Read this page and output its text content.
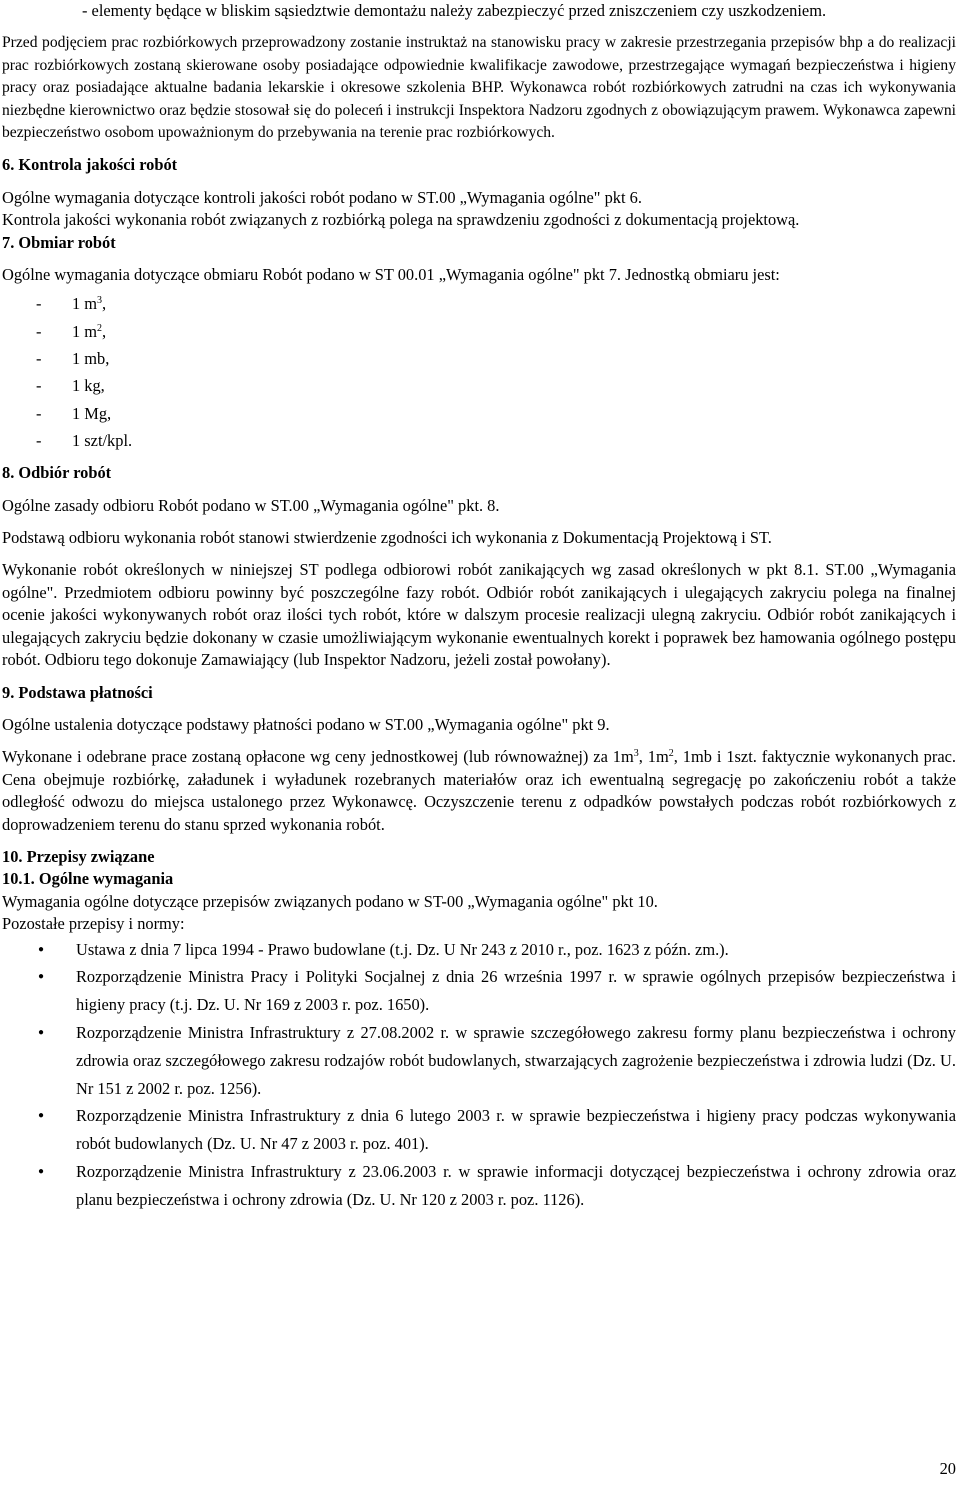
- elementy będące w bliskim sąsiedztwie demontażu należy zabezpieczyć przed zniszczeniem czy uszkodzeniem.

Przed podjęciem prac rozbiórkowych przeprowadzony zostanie instruktaż na stanowisku pracy w zakresie przestrzegania przepisów bhp a do realizacji prac rozbiórkowych zostaną skierowane osoby posiadające odpowiednie kwalifikacje zawodowe, przestrzegające wymagań bezpieczeństwa i higieny pracy oraz posiadające aktualne badania lekarskie i okresowe szkolenia BHP. Wykonawca robót rozbiórkowych zatrudni na czas ich wykonywania niezbędne kierownictwo oraz będzie stosował się do poleceń i instrukcji Inspektora Nadzoru zgodnych z obowiązującym prawem. Wykonawca zapewni bezpieczeństwo osobom upoważnionym do przebywania na terenie prac rozbiórkowych.

6. Kontrola jakości robót

Ogólne wymagania dotyczące kontroli jakości robót podano w ST.00 „Wymagania ogólne" pkt 6.

Kontrola jakości wykonania robót związanych z rozbiórką polega na sprawdzeniu zgodności z dokumentacją projektową.

7. Obmiar robót

Ogólne wymagania dotyczące obmiaru Robót podano w ST 00.01 „Wymagania ogólne" pkt 7. Jednostką obmiaru jest:

- 1 $m^3$,
- 1 $m^2$,
- 1 mb,
- 1 kg,
- 1 Mg,
- 1 szt/kpl.
8. Odbiór robót

Ogólne zasady odbioru Robót podano w ST.00 „Wymagania ogólne" pkt. 8.

Podstawą odbioru wykonania robót stanowi stwierdzenie zgodności ich wykonania z Dokumentacją Projektową i ST.

Wykonanie robót określonych w niniejszej ST podlega odbiorowi robót zanikających wg zasad określonych w pkt 8.1. ST.00 „Wymagania ogólne". Przedmiotem odbioru powinny być poszczególne fazy robót. Odbiór robót zanikających i ulegających zakryciu polega na finalnej ocenie jakości wykonywanych robót oraz ilości tych robót, które w dalszym procesie realizacji ulegną zakryciu. Odbiór robót zanikających i ulegających zakryciu będzie dokonany w czasie umożliwiającym wykonanie ewentualnych korekt i poprawek bez hamowania ogólnego postępu robót. Odbioru tego dokonuje Zamawiający (lub Inspektor Nadzoru, jeżeli został powołany).

9. Podstawa płatności

Ogólne ustalenia dotyczące podstawy płatności podano w ST.00 „Wymagania ogólne" pkt 9.

Wykonane i odebrane prace zostaną opłacone wg ceny jednostkowej (lub równoważnej) za $1m^3$, $1m^2$, 1mb i 1szt. faktycznie wykonanych prac. Cena obejmuje rozbiórkę, załadunek i wyładunek rozebranych materiałów oraz ich ewentualną segregację po zakończeniu robót a także odległość odwozu do miejsca ustalonego przez Wykonawcę. Oczyszczenie terenu z odpadków powstałych podczas robót rozbiórkowych z doprowadzeniem terenu do stanu sprzed wykonania robót.

10. Przepisy związane
10.1. Ogólne wymagania

Wymagania ogólne dotyczące przepisów związanych podano w ST-00 „Wymagania ogólne" pkt 10.

Pozostałe przepisy i normy:

● Ustawa z dnia 7 lipca 1994 - Prawo budowlane (t.j. Dz. U Nr 243 z 2010 r., poz. 1623 z późn. zm.).
● Rozporządzenie Ministra Pracy i Polityki Socjalnej z dnia 26 września 1997 r. w sprawie ogólnych przepisów bezpieczeństwa i higieny pracy (t.j. Dz. U. Nr 169 z 2003 r. poz. 1650).
● Rozporządzenie Ministra Infrastruktury z 27.08.2002 r. w sprawie szczegółowego zakresu formy planu bezpieczeństwa i ochrony zdrowia oraz szczegółowego zakresu rodzajów robót budowlanych, stwarzających zagrożenie bezpieczeństwa i zdrowia ludzi (Dz. U. Nr 151 z 2002 r. poz. 1256).
● Rozporządzenie Ministra Infrastruktury z dnia 6 lutego 2003 r. w sprawie bezpieczeństwa i higieny pracy podczas wykonywania robót budowlanych (Dz. U. Nr 47 z 2003 r. poz. 401).
● Rozporządzenie Ministra Infrastruktury z 23.06.2003 r. w sprawie informacji dotyczącej bezpieczeństwa i ochrony zdrowia oraz planu bezpieczeństwa i ochrony zdrowia (Dz. U. Nr 120 z 2003 r. poz. 1126).
20
